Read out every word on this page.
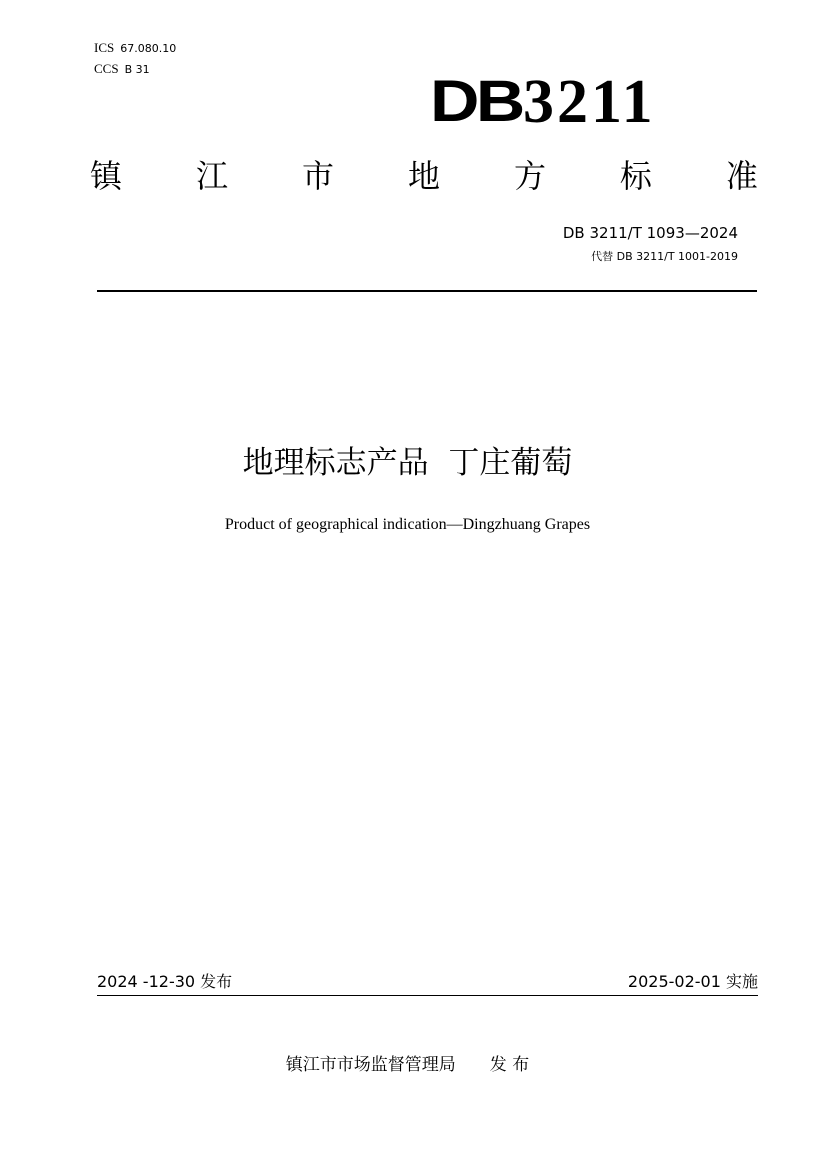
ICS 67.080.10
CCS B 31	DB 3211
镇 江 市 地 方 标 准
DB 3211/T 1093—2024
代替 DB 3211/T 1001-2019
地理标志产品  丁庄葡萄
Product of geographical indication—Dingzhuang Grapes
2024 -12-30 发布	2025-02-01 实施
镇江市市场监督管理局 发 布
